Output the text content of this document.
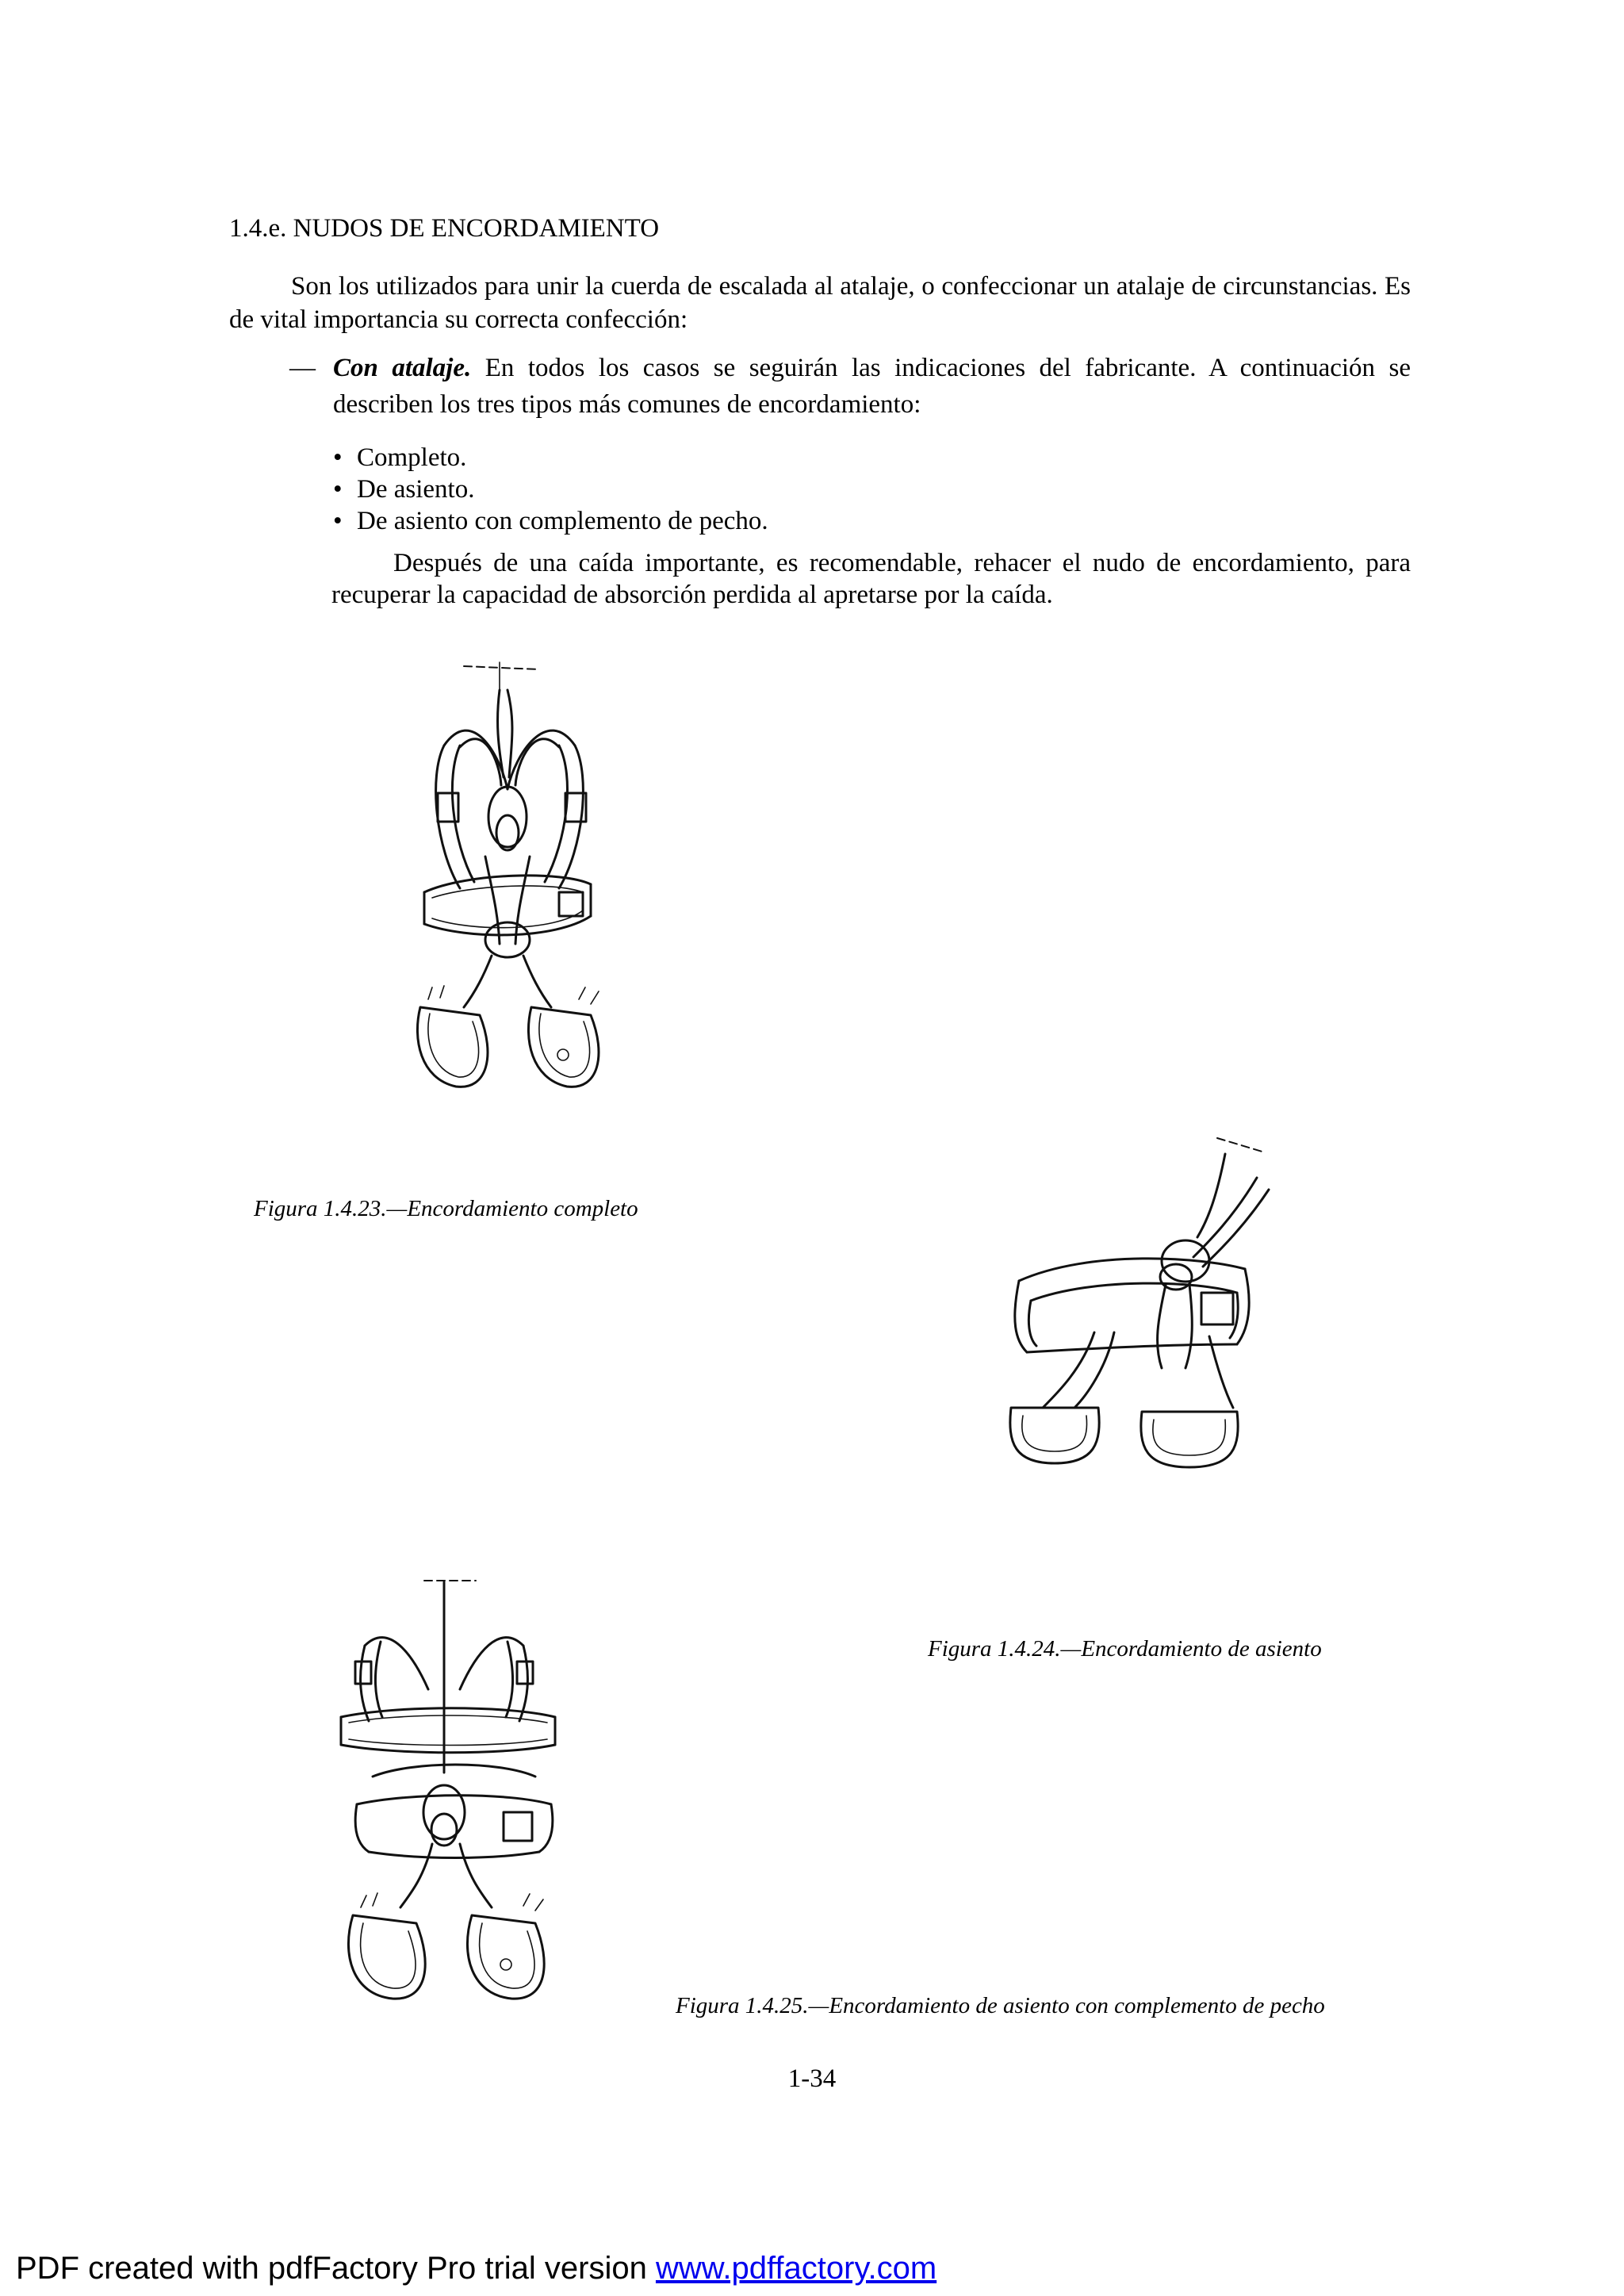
1.4.e. NUDOS DE ENCORDAMIENTO
Son los utilizados para unir la cuerda de escalada al atalaje, o confeccionar un atalaje de circunstancias. Es de vital importancia su correcta confección:
— Con atalaje. En todos los casos se seguirán las indicaciones del fabricante. A continuación se describen los tres tipos más comunes de encordamiento:
• Completo.
• De asiento.
• De asiento con complemento de pecho.
Después de una caída importante, es recomendable, rehacer el nudo de encordamiento, para recuperar la capacidad de absorción perdida al apretarse por la caída.
Figura 1.4.23.—Encordamiento completo
Figura 1.4.24.—Encordamiento de asiento
Figura 1.4.25.—Encordamiento de asiento con complemento de pecho
1-34
PDF created with pdfFactory Pro trial version www.pdffactory.com
